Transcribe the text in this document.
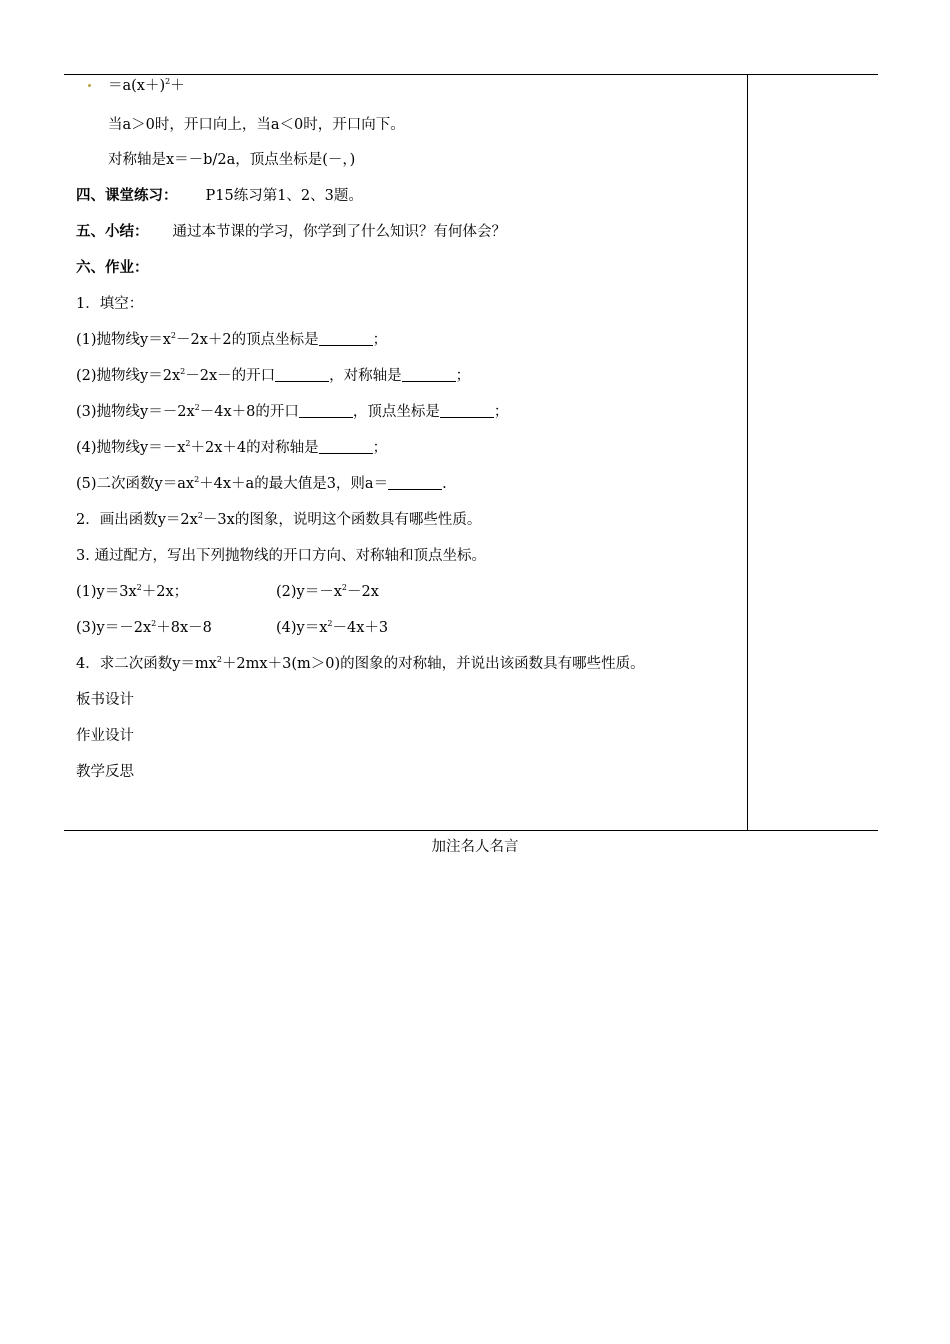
$=a(x+)^2+$
当a＞0时，开口向上，当a＜0时，开口向下。
对称轴是x＝－b/2a，顶点坐标是(－，)
四、课堂练习： P15练习第1、2、3题。
五、小结： 通过本节课的学习，你学到了什么知识？有何体会？
六、作业：
1．填空：
(1)抛物线$y=x^2-2x+2$的顶点坐标是	；
(2)抛物线$y=2x^2-2x-$的开口	，对称轴是	；
(3)抛物线$y=-2x^2-4x+8$的开口	，顶点坐标是	；
(4)抛物线$y=-x^2+2x+4$的对称轴是	；
(5)二次函数$y=ax^2+4x+a$的最大值是3，则a＝	.
2．画出函数$y=2x^2-3x$的图象，说明这个函数具有哪些性质。
3. 通过配方，写出下列抛物线的开口方向、对称轴和顶点坐标。
$(1)y=3x^2+2x$；	$(2)y=-x^2-2x$
$(3)y=-2x^2+8x-8$	$(4)y=x^2-4x+3$
4．求二次函数$y=mx^2+2mx+3(m>0)$的图象的对称轴，并说出该函数具有哪些性质。
板书设计
作业设计
教学反思
加注名人名言
